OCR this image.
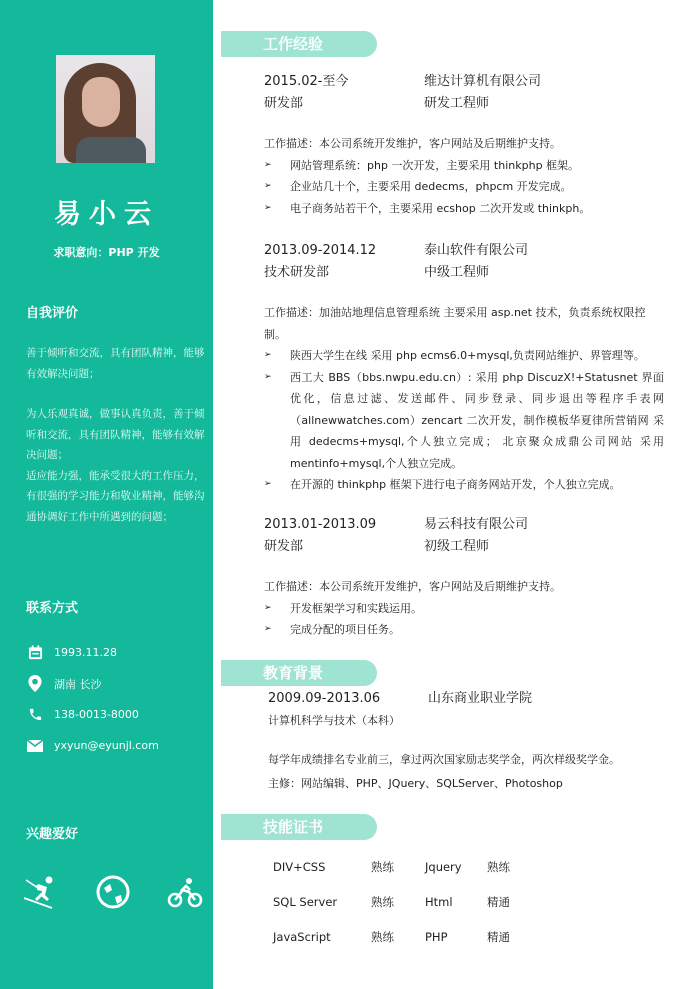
易小云
求职意向：PHP 开发
自我评价

善于倾听和交流，具有团队精神，能够有效解决问题；

为人乐观真诚，做事认真负责，善于倾听和交流，具有团队精神，能够有效解决问题；

适应能力强，能承受很大的工作压力，有很强的学习能力和敬业精神，能够沟通协调好工作中所遇到的问题；

联系方式
1993.11.28
湖南 长沙
138-0013-8000
yxyun@eyunjl.com
兴趣爱好
工作经验
2015.02-至今	维达计算机有限公司
研发部	研发工程师
工作描述：本公司系统开发维护，客户网站及后期维护支持。
➢	网站管理系统：php 一次开发，主要采用 thinkphp 框架。
➢	企业站几十个，主要采用 dedecms，phpcm 开发完成。
➢	电子商务站若干个，主要采用 ecshop 二次开发或 thinkph。
2013.09-2014.12	泰山软件有限公司
技术研发部	中级工程师
工作描述：加油站地理信息管理系统 主要采用 asp.net 技术，负责系统权限控制。
➢	陕西大学生在线 采用 php ecms6.0+mysql,负责网站维护、界管理等。
➢	西工大 BBS（bbs.nwpu.edu.cn）: 采用 php DiscuzX!+Statusnet 界面优化，信息过滤、发送邮件、同步登录、同步退出等程序手表网（allnewwatches.com）zencart 二次开发，制作模板华夏律所营销网 采用 dedecms+mysql,个人独立完成； 北京聚众成鼎公司网站 采用 mentinfo+mysql,个人独立完成。
➢	在开源的 thinkphp 框架下进行电子商务网站开发，个人独立完成。
2013.01-2013.09	易云科技有限公司
研发部	初级工程师
工作描述：本公司系统开发维护，客户网站及后期维护支持。
➢	开发框架学习和实践运用。
➢	完成分配的项目任务。
教育背景
2009.09-2013.06	山东商业职业学院
计算机科学与技术（本科）
每学年成绩排名专业前三，拿过两次国家励志奖学金，两次样级奖学金。
主修：网站编辑、PHP、JQuery、SQLServer、Photoshop
技能证书
DIV+CSS	熟练	Jquery	熟练
SQL Server	熟练	Html	精通
JavaScript	熟练	PHP	精通
